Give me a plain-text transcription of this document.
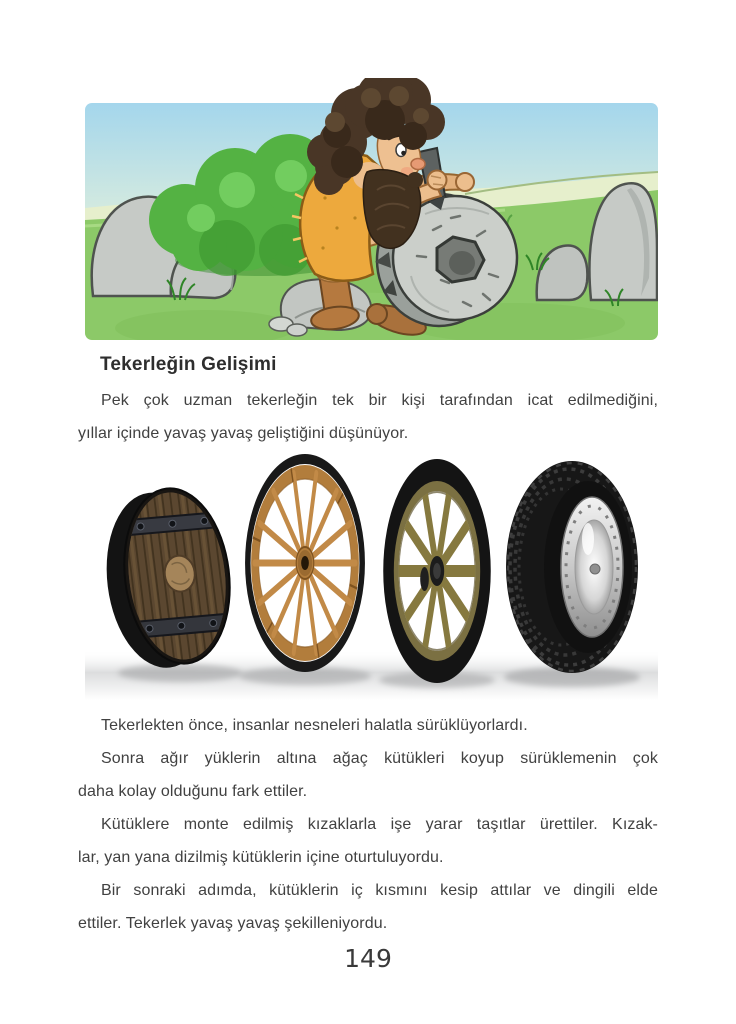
Tekerleğin Gelişimi
Pek çok uzman tekerleğin tek bir kişi tarafından icat edilmediğini,
yıllar içinde yavaş yavaş geliştiğini düşünüyor.
Tekerlekten önce, insanlar nesneleri halatla sürüklüyorlardı.
Sonra ağır yüklerin altına ağaç kütükleri koyup sürüklemenin çok
daha kolay olduğunu fark ettiler.
Kütüklere monte edilmiş kızaklarla işe yarar taşıtlar ürettiler. Kızak-
lar, yan yana dizilmiş kütüklerin içine oturtuluyordu.
Bir sonraki adımda, kütüklerin iç kısmını kesip attılar ve dingili elde
ettiler. Tekerlek yavaş yavaş şekilleniyordu.
149
